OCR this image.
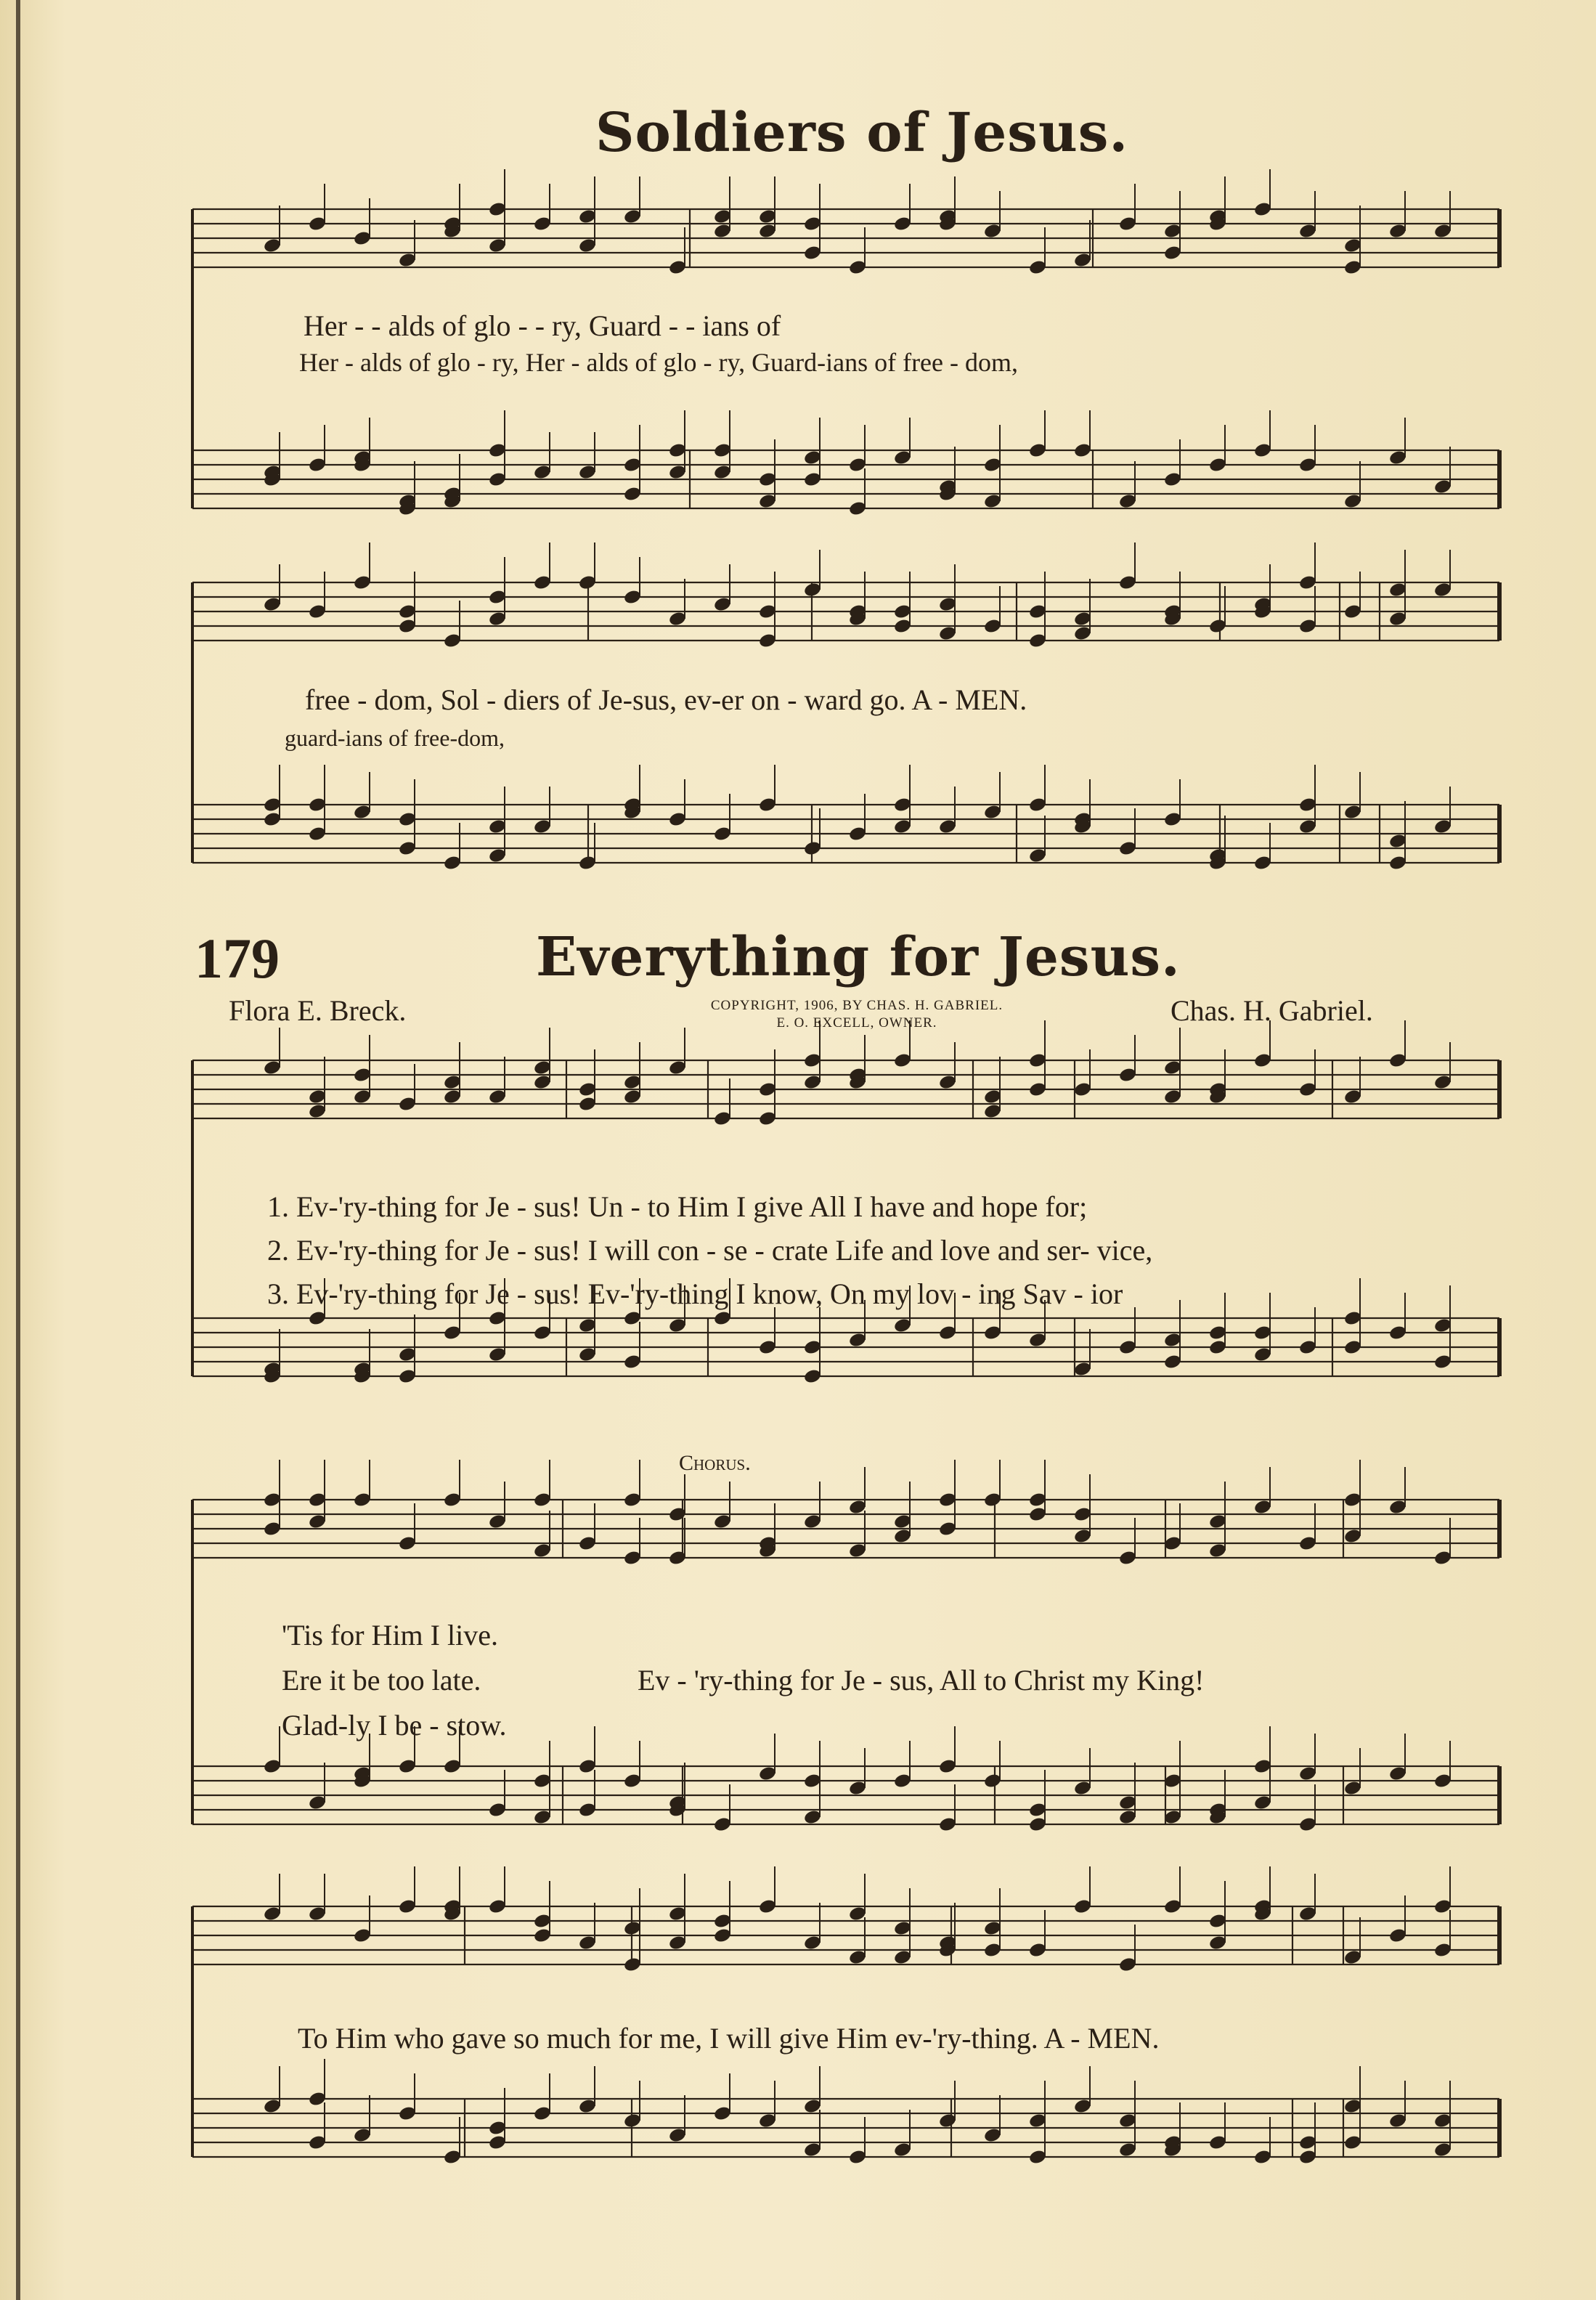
Soldiers of Jesus.
Her - - alds of glo - - ry, Guard - - ians of
Her - alds of glo - ry, Her - alds of glo - ry, Guard-ians of free - dom,
free - dom, Sol - diers of Je-sus, ev-er on - ward go. A - MEN.
guard-ians of free-dom,
179	Everything for Jesus.
Flora E. Breck.	COPYRIGHT, 1906, BY CHAS. H. GABRIEL.
E. O. EXCELL, OWNER.	Chas. H. Gabriel.
1. Ev-'ry-thing for Je - sus! Un - to Him I give All I have and hope for;
2. Ev-'ry-thing for Je - sus! I will con - se - crate Life and love and ser- vice,
3. Ev-'ry-thing for Je - sus! Ev-'ry-thing I know, On my lov - ing Sav - ior
Chorus.
'Tis for Him I live.
Ere it be too late.
Glad-ly I be - stow.
Ev - 'ry-thing for Je - sus, All to Christ my King!
To Him who gave so much for me, I will give Him ev-'ry-thing. A - MEN.
